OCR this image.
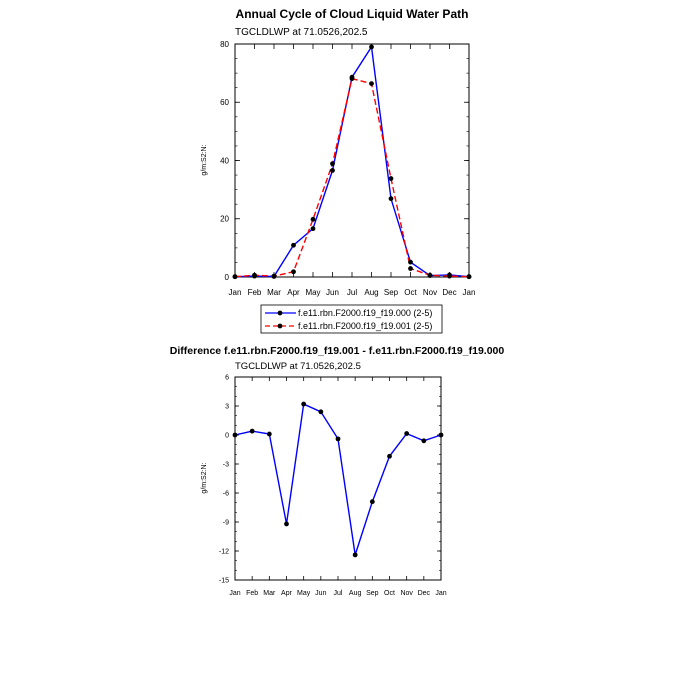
Annual Cycle of Cloud Liquid Water Path
TGCLDLWP at 71.0526,202.5
g/m:S2:N:
Jan Feb Mar Apr May Jun Jul Aug Sep Oct Nov Dec Jan
0
20
40
60
80
f.e11.rbn.F2000.f19_f19.000 (2-5)
f.e11.rbn.F2000.f19_f19.001 (2-5)
Difference f.e11.rbn.F2000.f19_f19.001 - f.e11.rbn.F2000.f19_f19.000
TGCLDLWP at 71.0526,202.5
g/m:S2:N:
Jan Feb Mar Apr May Jun Jul Aug Sep Oct Nov Dec Jan
6
3
0
-3
-6
-9
-12
-15
